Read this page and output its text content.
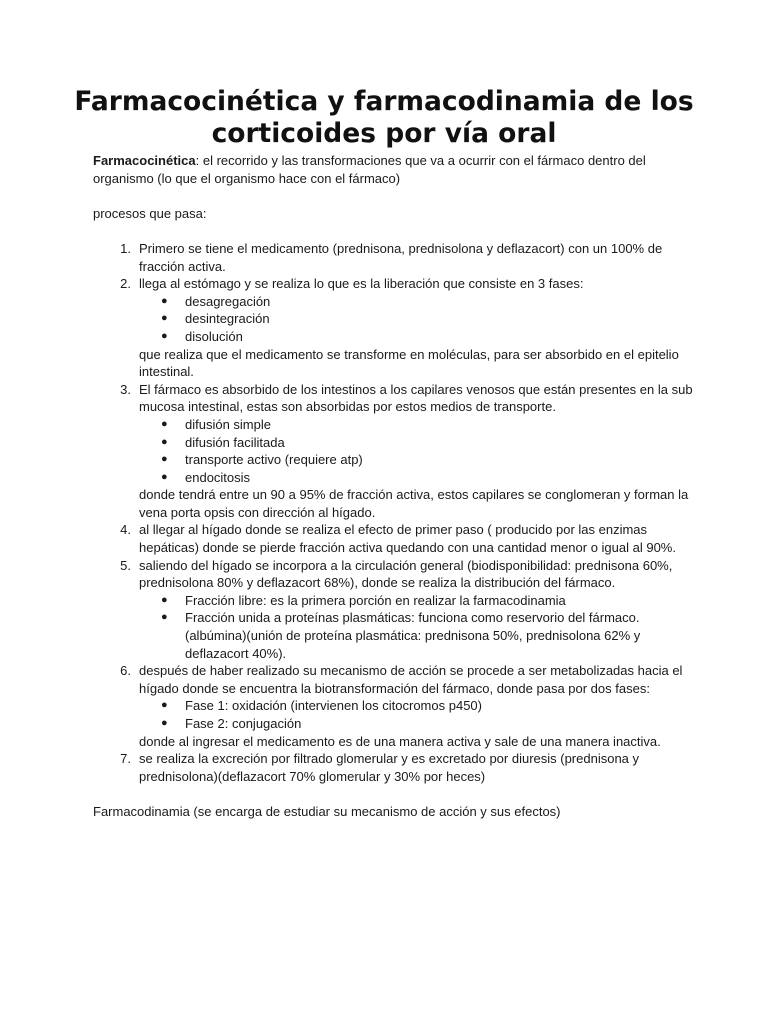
Farmacocinética y farmacodinamia de los corticoides por vía oral

Farmacocinética: el recorrido y las transformaciones que va a ocurrir con el fármaco dentro del organismo (lo que el organismo hace con el fármaco)

procesos que pasa:

1. Primero se tiene el medicamento (prednisona, prednisolona y deflazacort) con un 100% de fracción activa.
2. llega al estómago y se realiza lo que es la liberación que consiste en 3 fases:
● desagregación
● desintegración
● disolución

que realiza que el medicamento se transforme en moléculas, para ser absorbido en el epitelio intestinal.

3. El fármaco es absorbido de los intestinos a los capilares venosos que están presentes en la sub mucosa intestinal, estas son absorbidas por estos medios de transporte.
● difusión simple
● difusión facilitada
● transporte activo (requiere atp)
● endocitosis

donde tendrá entre un 90 a 95% de fracción activa, estos capilares se conglomeran y forman la vena porta opsis con dirección al hígado.

4. al llegar al hígado donde se realiza el efecto de primer paso ( producido por las enzimas hepáticas) donde se pierde fracción activa quedando con una cantidad menor o igual al 90%.
5. saliendo del hígado se incorpora a la circulación general (biodisponibilidad: prednisona 60%, prednisolona 80% y deflazacort 68%), donde se realiza la distribución del fármaco.
● Fracción libre: es la primera porción en realizar la farmacodinamia
● Fracción unida a proteínas plasmáticas: funciona como reservorio del fármaco.(albúmina)(unión de proteína plasmática: prednisona 50%, prednisolona 62% y deflazacort 40%).
6. después de haber realizado su mecanismo de acción se procede a ser metabolizadas hacia el hígado donde se encuentra la biotransformación del fármaco, donde pasa por dos fases:
● Fase 1: oxidación (intervienen los citocromos p450)
● Fase 2: conjugación

donde al ingresar el medicamento es de una manera activa y sale de una manera inactiva.

7. se realiza la excreción por filtrado glomerular y es excretado por diuresis (prednisona y prednisolona)(deflazacort 70% glomerular y 30% por heces)

Farmacodinamia (se encarga de estudiar su mecanismo de acción y sus efectos)
